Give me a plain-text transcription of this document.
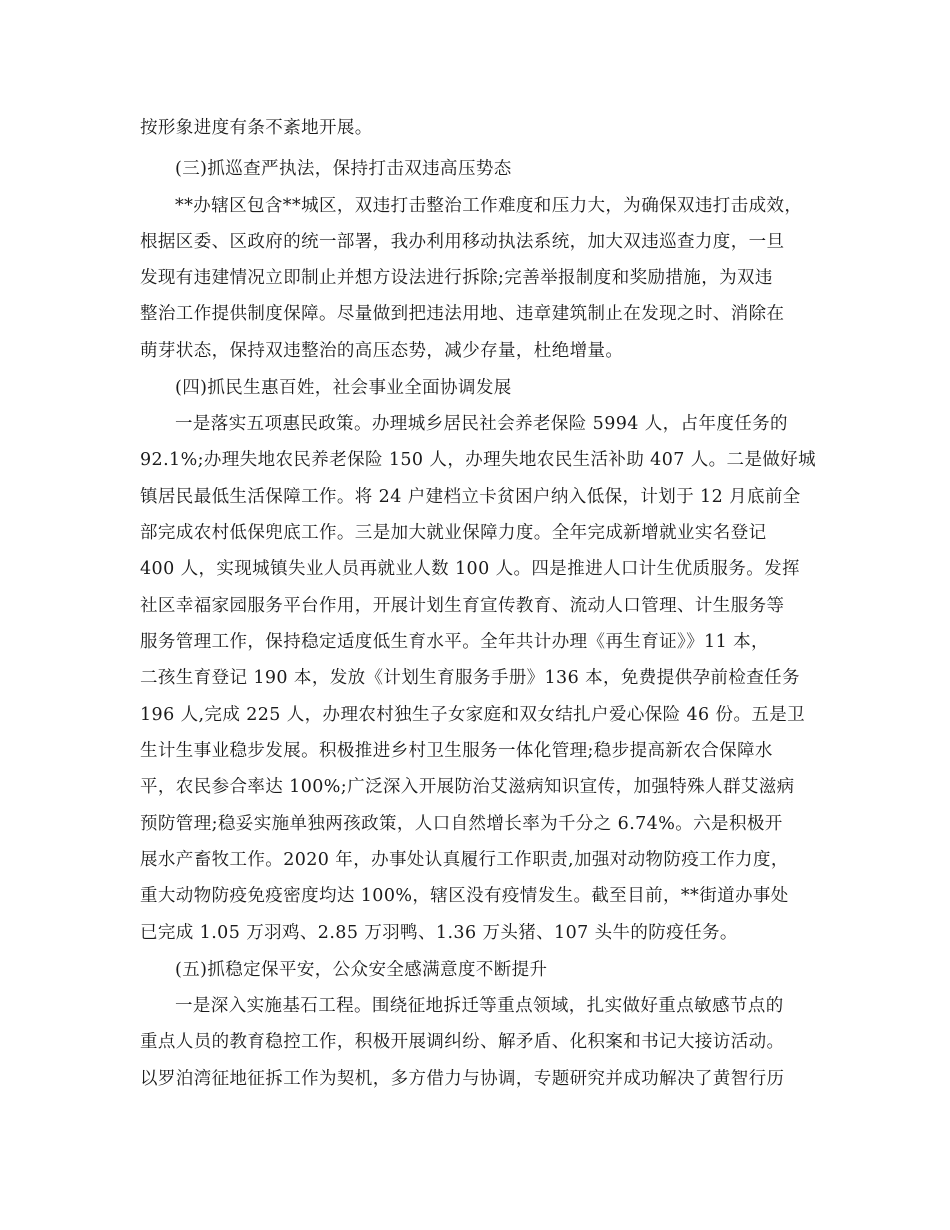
按形象进度有条不紊地开展。
(三)抓巡查严执法，保持打击双违高压势态
**办辖区包含**城区，双违打击整治工作难度和压力大，为确保双违打击成效，
根据区委、区政府的统一部署，我办利用移动执法系统，加大双违巡查力度，一旦
发现有违建情况立即制止并想方设法进行拆除;完善举报制度和奖励措施，为双违
整治工作提供制度保障。尽量做到把违法用地、违章建筑制止在发现之时、消除在
萌芽状态，保持双违整治的高压态势，减少存量，杜绝增量。
(四)抓民生惠百姓，社会事业全面协调发展
一是落实五项惠民政策。办理城乡居民社会养老保险 5994 人，占年度任务的
92.1%;办理失地农民养老保险 150 人，办理失地农民生活补助 407 人。二是做好城
镇居民最低生活保障工作。将 24 户建档立卡贫困户纳入低保，计划于 12 月底前全
部完成农村低保兜底工作。三是加大就业保障力度。全年完成新增就业实名登记
400 人，实现城镇失业人员再就业人数 100 人。四是推进人口计生优质服务。发挥
社区幸福家园服务平台作用，开展计划生育宣传教育、流动人口管理、计生服务等
服务管理工作，保持稳定适度低生育水平。全年共计办理《再生育证》》11 本，
二孩生育登记 190 本，发放《计划生育服务手册》136 本，免费提供孕前检查任务
196 人,完成 225 人，办理农村独生子女家庭和双女结扎户爱心保险 46 份。五是卫
生计生事业稳步发展。积极推进乡村卫生服务一体化管理;稳步提高新农合保障水
平，农民参合率达 100%;广泛深入开展防治艾滋病知识宣传，加强特殊人群艾滋病
预防管理;稳妥实施单独两孩政策，人口自然增长率为千分之 6.74%。六是积极开
展水产畜牧工作。2020 年，办事处认真履行工作职责,加强对动物防疫工作力度，
重大动物防疫免疫密度均达 100%，辖区没有疫情发生。截至目前，**街道办事处
已完成 1.05 万羽鸡、2.85 万羽鸭、1.36 万头猪、107 头牛的防疫任务。
(五)抓稳定保平安，公众安全感满意度不断提升
一是深入实施基石工程。围绕征地拆迁等重点领域，扎实做好重点敏感节点的
重点人员的教育稳控工作，积极开展调纠纷、解矛盾、化积案和书记大接访活动。
以罗泊湾征地征拆工作为契机，多方借力与协调，专题研究并成功解决了黄智行历
